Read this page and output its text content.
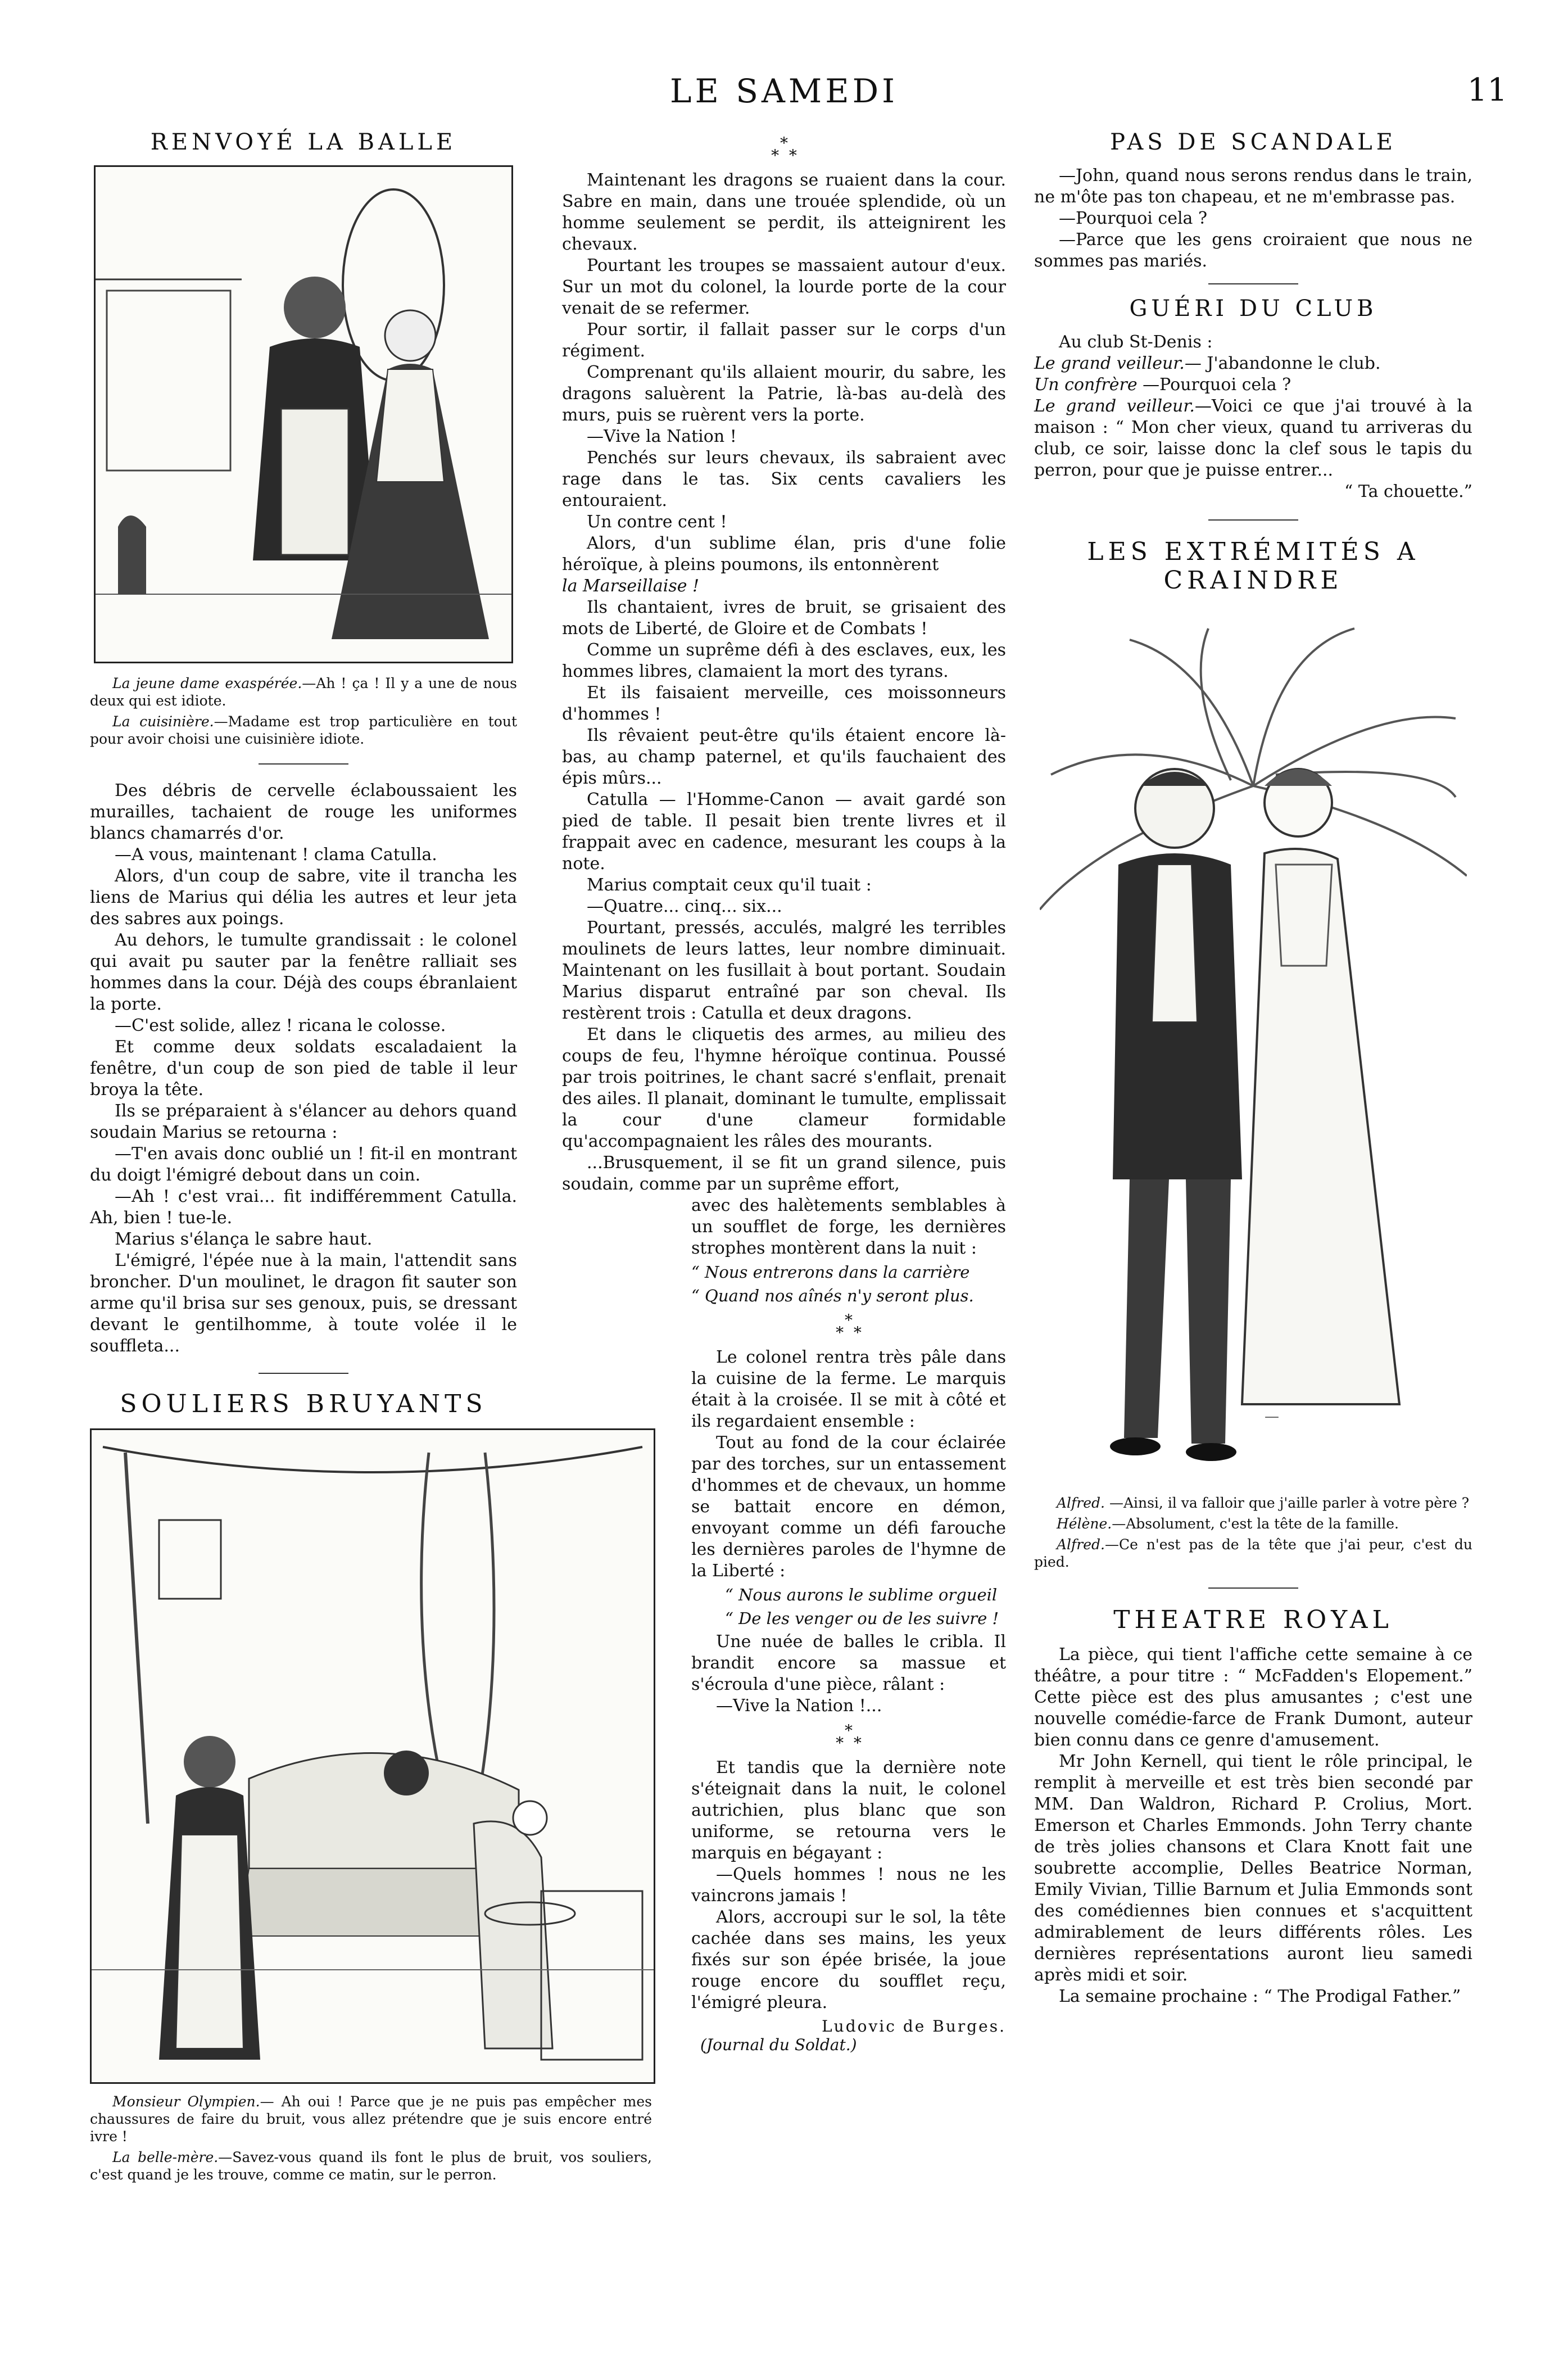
LE SAMEDI	11
RENVOYÉ LA BALLE

La jeune dame exaspérée.—Ah ! ça ! Il y a une de nous deux qui est idiote.

La cuisinière.—Madame est trop particulière en tout pour avoir choisi une cuisinière idiote.

Des débris de cervelle éclaboussaient les murailles, tachaient de rouge les uniformes blancs chamarrés d'or.

—A vous, maintenant ! clama Catulla.

Alors, d'un coup de sabre, vite il trancha les liens de Marius qui délia les autres et leur jeta des sabres aux poings.

Au dehors, le tumulte grandissait : le colonel qui avait pu sauter par la fenêtre ralliait ses hommes dans la cour. Déjà des coups ébranlaient la porte.

—C'est solide, allez ! ricana le colosse.

Et comme deux soldats escaladaient la fenêtre, d'un coup de son pied de table il leur broya la tête.

Ils se préparaient à s'élancer au dehors quand soudain Marius se retourna :

—T'en avais donc oublié un ! fit-il en montrant du doigt l'émigré debout dans un coin.

—Ah ! c'est vrai... fit indifféremment Catulla. Ah, bien ! tue-le.

Marius s'élança le sabre haut.

L'émigré, l'épée nue à la main, l'attendit sans broncher. D'un moulinet, le dragon fit sauter son arme qu'il brisa sur ses genoux, puis, se dressant devant le gentilhomme, à toute volée il le souffleta...

SOULIERS BRUYANTS

Monsieur Olympien.— Ah oui ! Parce que je ne puis pas empêcher mes chaussures de faire du bruit, vous allez prétendre que je suis encore entré ivre !

La belle-mère.—Savez-vous quand ils font le plus de bruit, vos souliers, c'est quand je les trouve, comme ce matin, sur le perron.

*
* *

Maintenant les dragons se ruaient dans la cour. Sabre en main, dans une trouée splendide, où un homme seulement se perdit, ils atteignirent les chevaux.

Pourtant les troupes se massaient autour d'eux. Sur un mot du colonel, la lourde porte de la cour venait de se refermer.

Pour sortir, il fallait passer sur le corps d'un régiment.

Comprenant qu'ils allaient mourir, du sabre, les dragons saluèrent la Patrie, là-bas au-delà des murs, puis se ruèrent vers la porte.

—Vive la Nation !

Penchés sur leurs chevaux, ils sabraient avec rage dans le tas. Six cents cavaliers les entouraient.

Un contre cent !

Alors, d'un sublime élan, pris d'une folie héroïque, à pleins poumons, ils entonnèrent

la Marseillaise !

Ils chantaient, ivres de bruit, se grisaient des mots de Liberté, de Gloire et de Combats !

Comme un suprême défi à des esclaves, eux, les hommes libres, clamaient la mort des tyrans.

Et ils faisaient merveille, ces moissonneurs d'hommes !

Ils rêvaient peut-être qu'ils étaient encore là-bas, au champ paternel, et qu'ils fauchaient des épis mûrs...

Catulla — l'Homme-Canon — avait gardé son pied de table. Il pesait bien trente livres et il frappait avec en cadence, mesurant les coups à la note.

Marius comptait ceux qu'il tuait :

—Quatre... cinq... six...

Pourtant, pressés, acculés, malgré les terribles moulinets de leurs lattes, leur nombre diminuait. Maintenant on les fusillait à bout portant. Soudain Marius disparut entraîné par son cheval. Ils restèrent trois : Catulla et deux dragons.

Et dans le cliquetis des armes, au milieu des coups de feu, l'hymne héroïque continua. Poussé par trois poitrines, le chant sacré s'enflait, prenait des ailes. Il planait, dominant le tumulte, emplissait la cour d'une clameur formidable qu'accompagnaient les râles des mourants.

...Brusquement, il se fit un grand silence, puis soudain, comme par un suprême effort,

avec des halètements semblables à un soufflet de forge, les dernières strophes montèrent dans la nuit :

“ Nous entrerons dans la carrière

“ Quand nos aînés n'y seront plus.

*
* *

Le colonel rentra très pâle dans la cuisine de la ferme. Le marquis était à la croisée. Il se mit à côté et ils regardaient ensemble :

Tout au fond de la cour éclairée par des torches, sur un entassement d'hommes et de chevaux, un homme se battait encore en démon, envoyant comme un défi farouche les dernières paroles de l'hymne de la Liberté :

“ Nous aurons le sublime orgueil

“ De les venger ou de les suivre !

Une nuée de balles le cribla. Il brandit encore sa massue et s'écroula d'une pièce, râlant :

—Vive la Nation !...

*
* *

Et tandis que la dernière note s'éteignait dans la nuit, le colonel autrichien, plus blanc que son uniforme, se retourna vers le marquis en bégayant :

—Quels hommes ! nous ne les vaincrons jamais !

Alors, accroupi sur le sol, la tête cachée dans ses mains, les yeux fixés sur son épée brisée, la joue rouge encore du soufflet reçu, l'émigré pleura.

Ludovic de Burges.
(Journal du Soldat.)
PAS DE SCANDALE

—John, quand nous serons rendus dans le train, ne m'ôte pas ton chapeau, et ne m'embrasse pas.

—Pourquoi cela ?

—Parce que les gens croiraient que nous ne sommes pas mariés.

GUÉRI DU CLUB

Au club St-Denis :

Le grand veilleur.— J'abandonne le club.

Un confrère —Pourquoi cela ?

Le grand veilleur.—Voici ce que j'ai trouvé à la maison : “ Mon cher vieux, quand tu arriveras du club, ce soir, laisse donc la clef sous le tapis du perron, pour que je puisse entrer...

“ Ta chouette.”

LES EXTRÉMITÉS A CRAINDRE
—

Alfred. —Ainsi, il va falloir que j'aille parler à votre père ?

Hélène.—Absolument, c'est la tête de la famille.

Alfred.—Ce n'est pas de la tête que j'ai peur, c'est du pied.

THEATRE ROYAL

La pièce, qui tient l'affiche cette semaine à ce théâtre, a pour titre : “ McFadden's Elopement.” Cette pièce est des plus amusantes ; c'est une nouvelle comédie-farce de Frank Dumont, auteur bien connu dans ce genre d'amusement.

Mr John Kernell, qui tient le rôle principal, le remplit à merveille et est très bien secondé par MM. Dan Waldron, Richard P. Crolius, Mort. Emerson et Charles Emmonds. John Terry chante de très jolies chansons et Clara Knott fait une soubrette accomplie, Delles Beatrice Norman, Emily Vivian, Tillie Barnum et Julia Emmonds sont des comédiennes bien connues et s'acquittent admirablement de leurs différents rôles. Les dernières représentations auront lieu samedi après midi et soir.

La semaine prochaine : “ The Prodigal Father.”
